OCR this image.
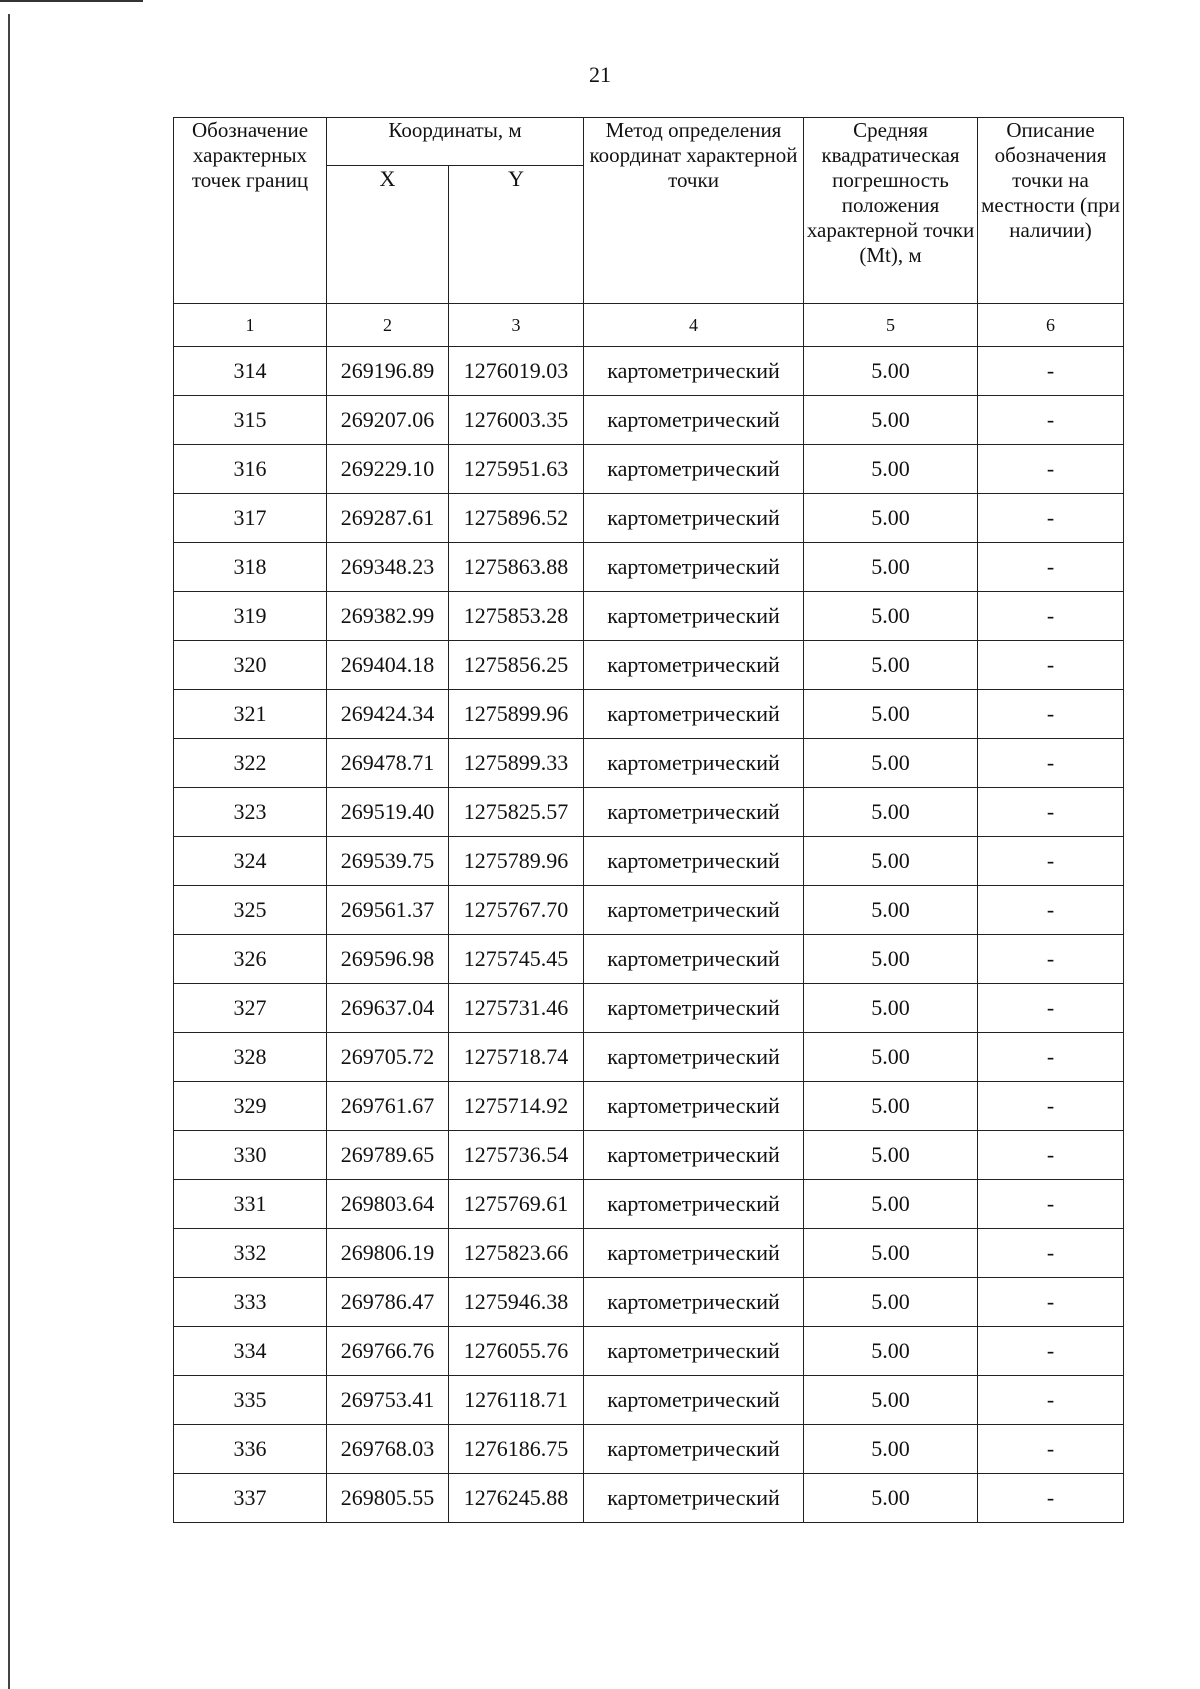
21
Обозначение характерных точек границ	Координаты, м		Метод определения координат характерной точки	Средняя квадратическая погрешность положения характерной точки (Mt), м	Описание обозначения точки на местности (при наличии)
	X	Y			
1	2	3	4	5	6
314	269196.89	1276019.03	картометрический	5.00	-
315	269207.06	1276003.35	картометрический	5.00	-
316	269229.10	1275951.63	картометрический	5.00	-
317	269287.61	1275896.52	картометрический	5.00	-
318	269348.23	1275863.88	картометрический	5.00	-
319	269382.99	1275853.28	картометрический	5.00	-
320	269404.18	1275856.25	картометрический	5.00	-
321	269424.34	1275899.96	картометрический	5.00	-
322	269478.71	1275899.33	картометрический	5.00	-
323	269519.40	1275825.57	картометрический	5.00	-
324	269539.75	1275789.96	картометрический	5.00	-
325	269561.37	1275767.70	картометрический	5.00	-
326	269596.98	1275745.45	картометрический	5.00	-
327	269637.04	1275731.46	картометрический	5.00	-
328	269705.72	1275718.74	картометрический	5.00	-
329	269761.67	1275714.92	картометрический	5.00	-
330	269789.65	1275736.54	картометрический	5.00	-
331	269803.64	1275769.61	картометрический	5.00	-
332	269806.19	1275823.66	картометрический	5.00	-
333	269786.47	1275946.38	картометрический	5.00	-
334	269766.76	1276055.76	картометрический	5.00	-
335	269753.41	1276118.71	картометрический	5.00	-
336	269768.03	1276186.75	картометрический	5.00	-
337	269805.55	1276245.88	картометрический	5.00	-
